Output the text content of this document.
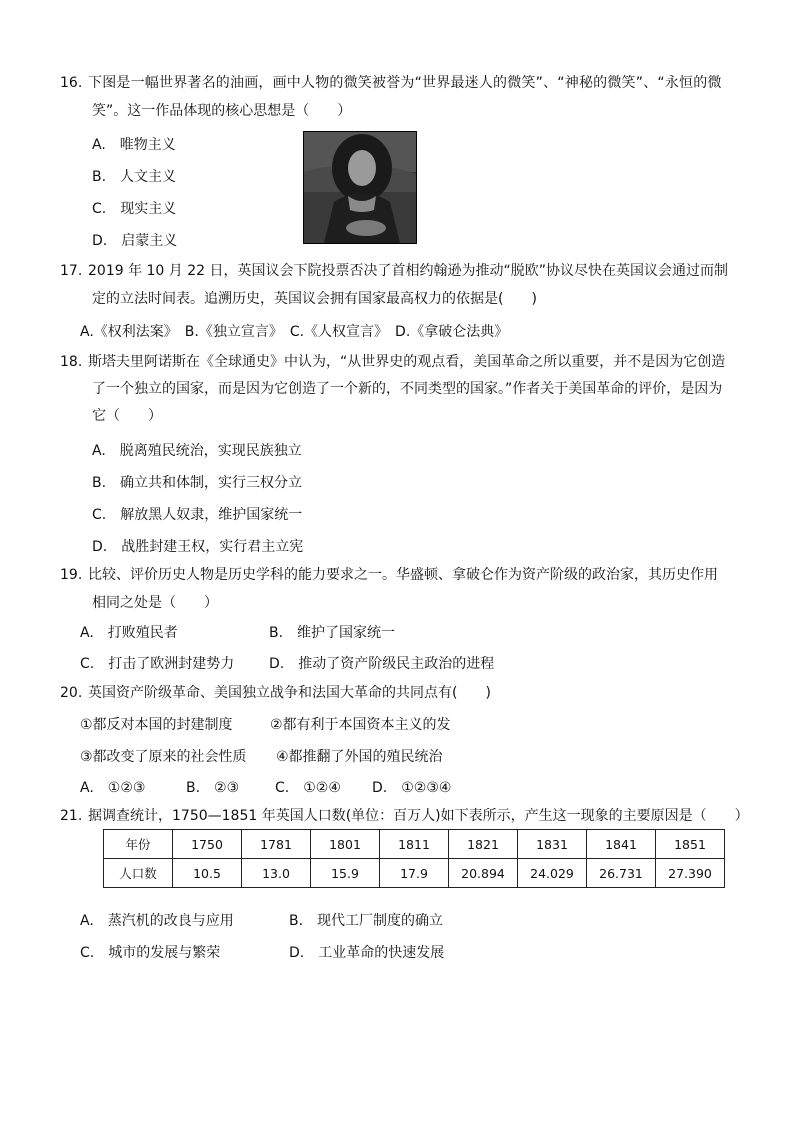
16. 下图是一幅世界著名的油画，画中人物的微笑被誉为“世界最迷人的微笑”、“神秘的微笑”、“永恒的微
笑”。这一作品体现的核心思想是（　　）
A.　唯物主义
B.　人文主义
C.　现实主义
D.　启蒙主义
17. 2019 年 10 月 22 日，英国议会下院投票否决了首相约翰逊为推动“脱欧”协议尽快在英国议会通过而制
定的立法时间表。追溯历史，英国议会拥有国家最高权力的依据是(　　)
A.《权利法案》　B.《独立宣言》　C.《人权宣言》　D.《拿破仑法典》
18. 斯塔夫里阿诺斯在《全球通史》中认为，“从世界史的观点看，美国革命之所以重要，并不是因为它创造
了一个独立的国家，而是因为它创造了一个新的，不同类型的国家。”作者关于美国革命的评价，是因为
它（　　）
A.　脱离殖民统治，实现民族独立
B.　确立共和体制，实行三权分立
C.　解放黑人奴隶，维护国家统一
D.　战胜封建王权，实行君主立宪
19. 比较、评价历史人物是历史学科的能力要求之一。华盛顿、拿破仑作为资产阶级的政治家，其历史作用
相同之处是（　　）
A.　打败殖民者	B.　维护了国家统一
C.　打击了欧洲封建势力 D.　推动了资产阶级民主政治的进程
20. 英国资产阶级革命、美国独立战争和法国大革命的共同点有(　　)
①都反对本国的封建制度	②都有利于本国资本主义的发
③都改变了原来的社会性质 ④都推翻了外国的殖民统治
A.　①②③	B.　②③	C.　①②④ D.　①②③④
21. 据调查统计，1750—1851 年英国人口数(单位：百万人)如下表所示，产生这一现象的主要原因是（　　）
年份	1750	1781	1801	1811	1821	1831	1841	1851
人口数	10.5	13.0	15.9	17.9	20.894	24.029	26.731	27.390
A.　蒸汽机的改良与应用	B.　现代工厂制度的确立
C.　城市的发展与繁荣	D.　工业革命的快速发展
